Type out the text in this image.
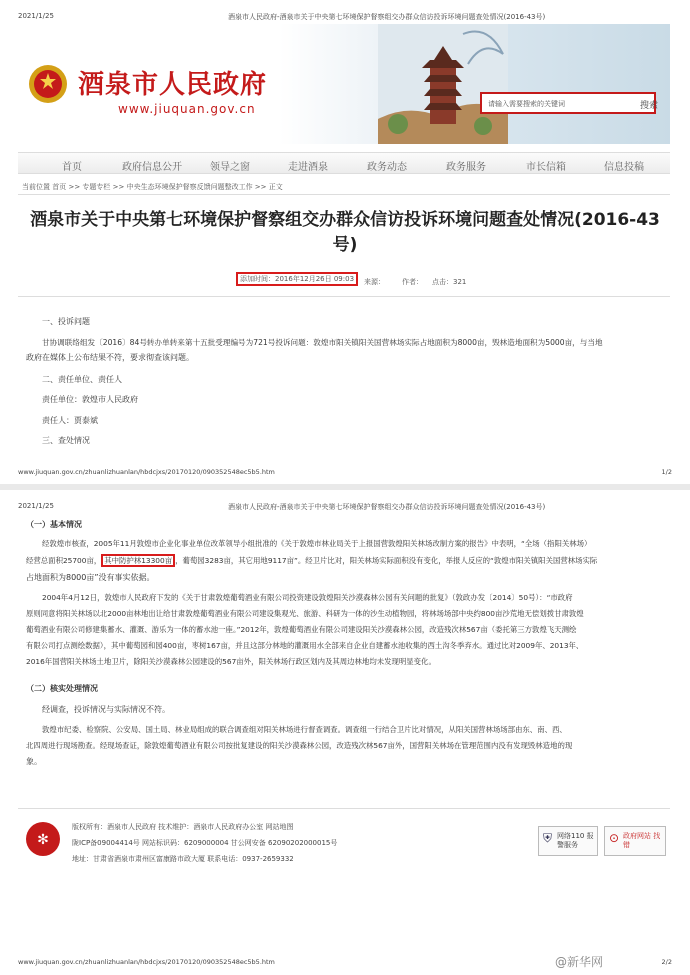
2021/1/25	酒泉市人民政府-酒泉市关于中央第七环境保护督察组交办群众信访投诉环境问题查处情况(2016-43号)
酒泉市人民政府
www.jiuquan.gov.cn	请输入需要搜索的关键词	搜索
首页	政府信息公开	领导之窗	走进酒泉	政务动态	政务服务	市长信箱	信息投稿
当前位置 首页 >> 专题专栏 >> 中央生态环境保护督察反馈问题整改工作 >> 正文
酒泉市关于中央第七环境保护督察组交办群众信访投诉环境问题查处情况(2016-43号)
添加时间：2016年12月26日 09:03	来源： 作者： 点击：321
一、投诉问题
甘协调联络组发〔2016〕84号转办单转来第十五批受理编号为721号投诉问题：敦煌市阳关镇阳关国营林场实际占地面积为8000亩，毁林造地面积为5000亩，与当地
政府在媒体上公布结果不符，要求彻查该问题。
二、责任单位、责任人
责任单位：敦煌市人民政府
责任人：贾泰斌
三、查处情况
www.jiuquan.gov.cn/zhuanlizhuanlan/hbdcjxs/20170120/090352548ec5b5.htm	1/2
2021/1/25	酒泉市人民政府-酒泉市关于中央第七环境保护督察组交办群众信访投诉环境问题查处情况(2016-43号)
（一）基本情况
经敦煌市核查，2005年11月敦煌市企业化事业单位改革领导小组批准的《关于敦煌市林业局关于上报国营敦煌阳关林场改制方案的报告》中表明，“全场（指阳关林场）
经营总面积25700亩， 其中防护林13300亩 ，葡萄园3283亩，其它用地9117亩”。经卫片比对，阳关林场实际面积没有变化，举报人反应的“敦煌市阳关镇阳关国营林场实际
占地面积为8000亩”没有事实依据。
2004年4月12日，敦煌市人民政府下发的《关于甘肃敦煌葡萄酒业有限公司投资建设敦煌阳关沙漠森林公园有关问题的批复》（敦政办发〔2014〕50号）：“市政府
原则同意将阳关林场以北2000亩林地出让给甘肃敦煌葡萄酒业有限公司建设集观光、旅游、科研为一体的沙生动植物园，将林场场部中央约800亩沙荒地无偿划拨甘肃敦煌
葡萄酒业有限公司修建集蓄水、灌溉、游乐为一体的蓄水池一座。”2012年，敦煌葡萄酒业有限公司建设阳关沙漠森林公园，改造残次林567亩（委托第三方敦煌飞天测绘
有限公司打点测绘数据），其中葡萄园和园400亩，枣树167亩，并且这部分林地的灌溉用水全部来自企业自建蓄水池收集的西土沟冬季弃水。通过比对2009年、2013年、
2016年国营阳关林场土地卫片，除阳关沙漠森林公园建设的567亩外，阳关林场行政区划内及其周边林地均未发现明显变化。
（二）核实处理情况
经调查，投诉情况与实际情况不符。
敦煌市纪委、检察院、公安局、国土局、林业局组成的联合调查组对阳关林场进行督查调查。调查组一行结合卫片比对情况，从阳关国营林场场部由东、南、西、
北四周进行现场勘查。经现场查证，除敦煌葡萄酒业有限公司按批复建设的阳关沙漠森林公园，改造残次林567亩外，国营阳关林场在管理范围内没有发现毁林造地的现
象。
✻
版权所有：酒泉市人民政府 技术维护：酒泉市人民政府办公室 网站地图
陇ICP备09004414号 网站标识码：6209000004 甘公网安备 62090202000015号
地址：甘肃省酒泉市肃州区富康路市政大厦 联系电话：0937-2659332
⛨ 网络110 报警服务	⊙ 政府网站 找错
www.jiuquan.gov.cn/zhuanlizhuanlan/hbdcjxs/20170120/090352548ec5b5.htm	2/2
@新华网
